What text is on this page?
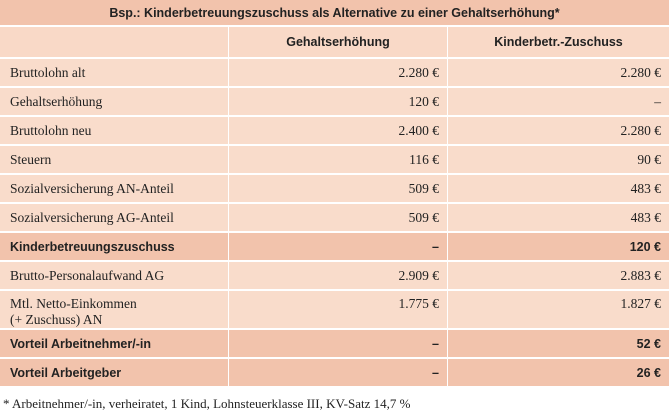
Bsp.: Kinderbetreuungszuschuss als Alternative zu einer Gehaltserhöhung*		
	Gehaltserhöhung	Kinderbetr.-Zuschuss
Bruttolohn alt	2.280 €	2.280 €
Gehaltserhöhung	120 €	–
Bruttolohn neu	2.400 €	2.280 €
Steuern	116 €	90 €
Sozialversicherung AN-Anteil	509 €	483 €
Sozialversicherung AG-Anteil	509 €	483 €
Kinderbetreuungszuschuss	–	120 €
Brutto-Personalaufwand AG	2.909 €	2.883 €
Mtl. Netto-Einkommen
(+ Zuschuss) AN	1.775 €	1.827 €
Vorteil Arbeitnehmer/-in	–	52 €
Vorteil Arbeitgeber	–	26 €
* Arbeitnehmer/-in, verheiratet, 1 Kind, Lohnsteuerklasse III, KV-Satz 14,7 %
